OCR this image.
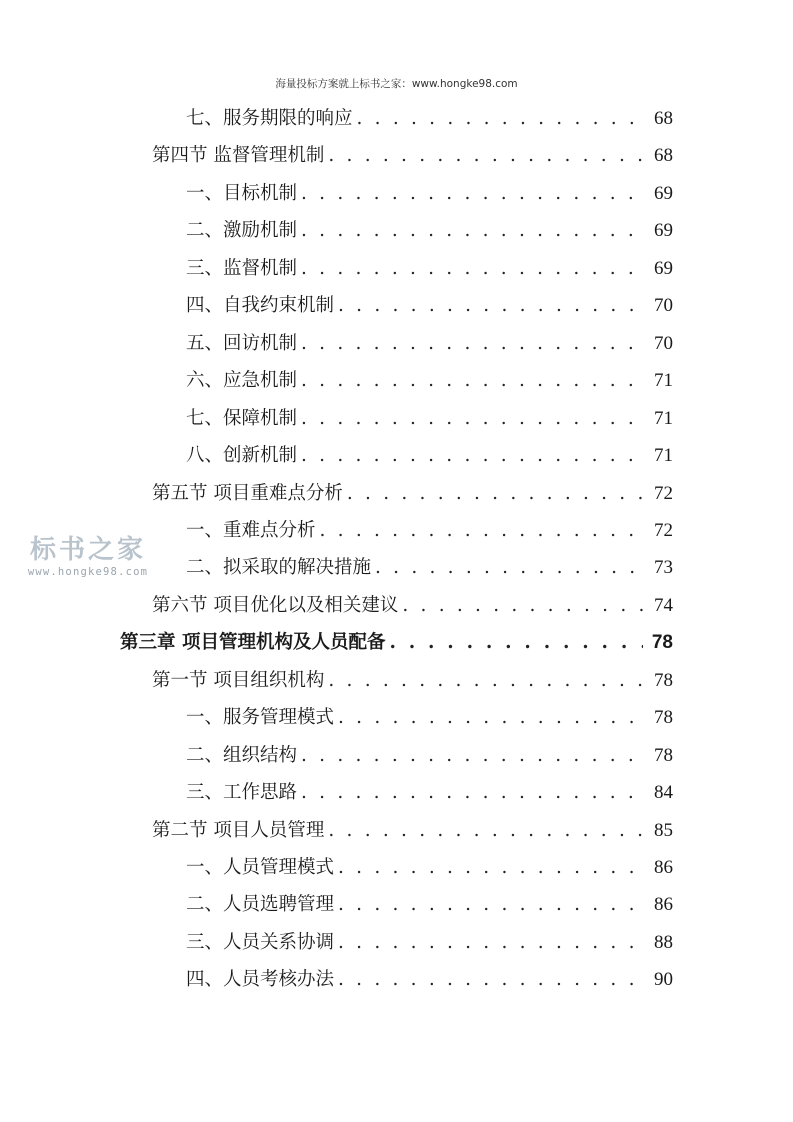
海量投标方案就上标书之家：www.hongke98.com
标书之家
www.hongke98.com
七、服务期限的响应 . . .	68
第四节 监督管理机制 . . .	68
一、目标机制 . . .	69
二、激励机制 . . .	69
三、监督机制 . . .	69
四、自我约束机制 . . .	70
五、回访机制 . . .	70
六、应急机制 . . .	71
七、保障机制 . . .	71
八、创新机制 . . .	71
第五节 项目重难点分析 . . .	72
一、重难点分析 . . .	72
二、拟采取的解决措施 . . .	73
第六节 项目优化以及相关建议 . . .	74
第三章 项目管理机构及人员配备 . . .	78
第一节 项目组织机构 . . .	78
一、服务管理模式 . . .	78
二、组织结构 . . .	78
三、工作思路 . . .	84
第二节 项目人员管理 . . .	85
一、人员管理模式 . . .	86
二、人员选聘管理 . . .	86
三、人员关系协调 . . .	88
四、人员考核办法 . . .	90
